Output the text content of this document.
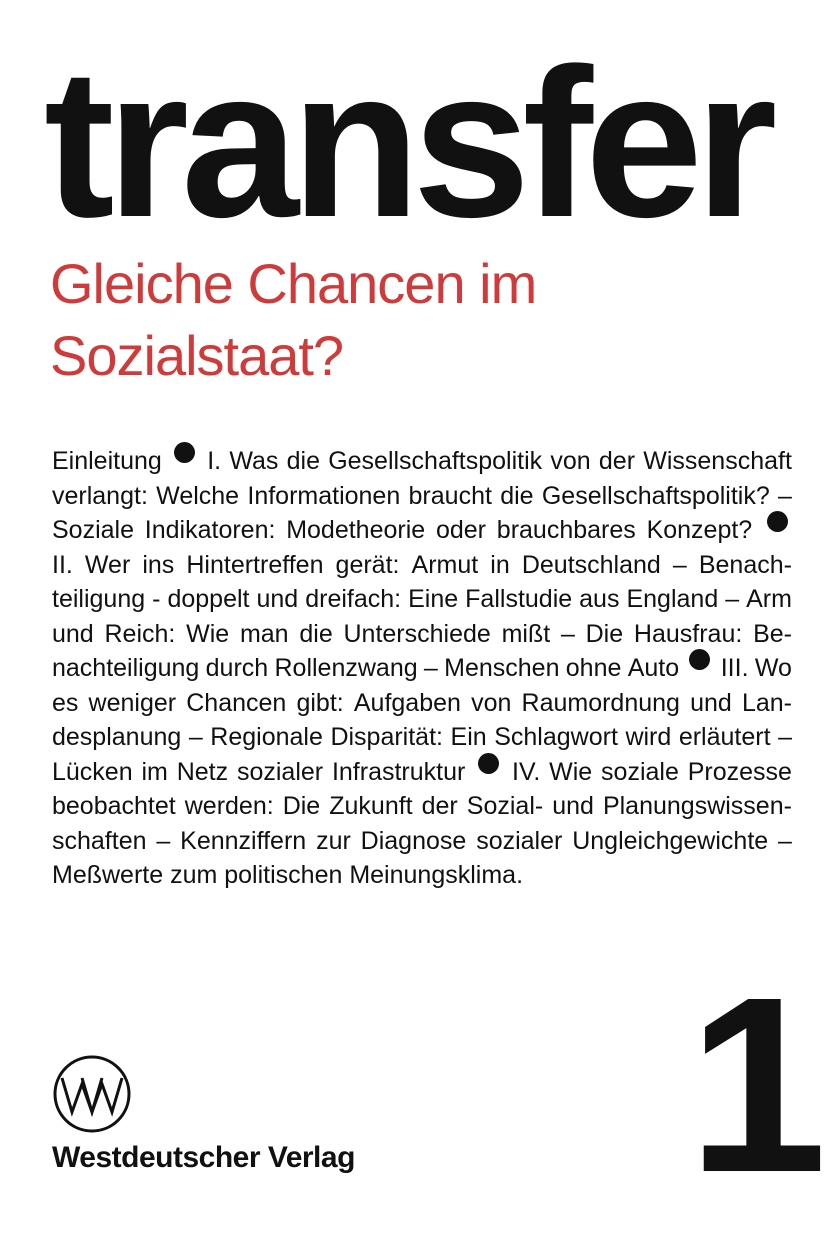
transfer
Gleiche Chancen im
Sozialstaat?
Einleitung I. Was die Gesellschaftspolitik von der Wissenschaft
verlangt: Welche Informationen braucht die Gesellschaftspolitik? –
Soziale Indikatoren: Modetheorie oder brauchbares Konzept?
II. Wer ins Hintertreffen gerät: Armut in Deutschland – Benach-
teiligung - doppelt und dreifach: Eine Fallstudie aus England – Arm
und Reich: Wie man die Unterschiede mißt – Die Hausfrau: Be-
nachteiligung durch Rollenzwang – Menschen ohne Auto III. Wo
es weniger Chancen gibt: Aufgaben von Raumordnung und Lan-
desplanung – Regionale Disparität: Ein Schlagwort wird erläutert –
Lücken im Netz sozialer Infrastruktur IV. Wie soziale Prozesse
beobachtet werden: Die Zukunft der Sozial- und Planungswissen-
schaften – Kennziffern zur Diagnose sozialer Ungleichgewichte –
Meßwerte zum politischen Meinungsklima.
Westdeutscher Verlag 1
